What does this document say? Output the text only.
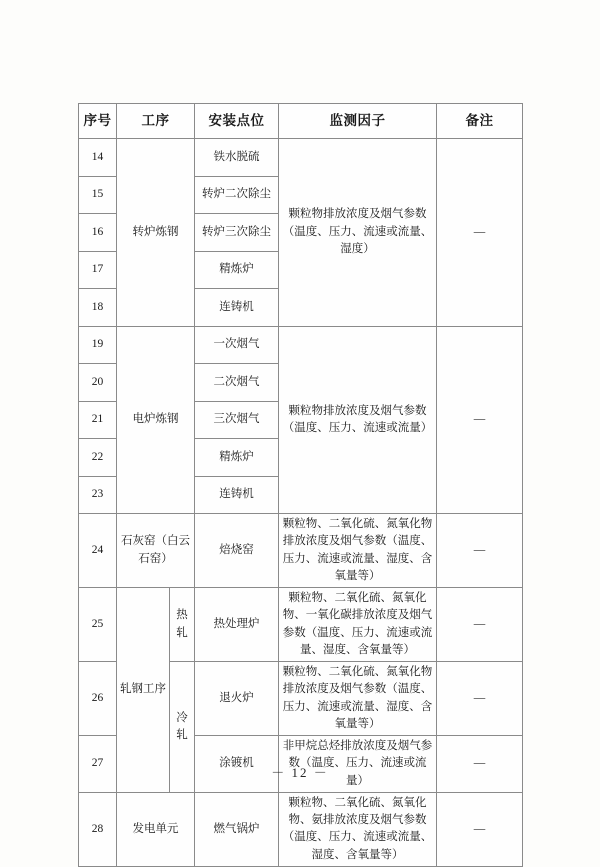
序号	工序		安装点位	监测因子	备注
14	转炉炼钢		铁水脱硫	颗粒物排放浓度及烟气参数（温度、压力、流速或流量、湿度）	—
15			转炉二次除尘		
16			转炉三次除尘		
17			精炼炉		
18			连铸机		
19	电炉炼钢		一次烟气	颗粒物排放浓度及烟气参数（温度、压力、流速或流量）	—
20			二次烟气		
21			三次烟气		
22			精炼炉		
23			连铸机		
24	石灰窑（白云石窑）		焙烧窑	颗粒物、二氧化硫、氮氧化物排放浓度及烟气参数（温度、压力、流速或流量、湿度、含氧量等）	—
25	轧钢工序	热轧	热处理炉	颗粒物、二氧化硫、氮氧化物、一氧化碳排放浓度及烟气参数（温度、压力、流速或流量、湿度、含氧量等）	—
26		冷轧	退火炉	颗粒物、二氧化硫、氮氧化物排放浓度及烟气参数（温度、压力、流速或流量、湿度、含氧量等）	—
27			涂镀机	非甲烷总烃排放浓度及烟气参数（温度、压力、流速或流量）	—
28	发电单元		燃气锅炉	颗粒物、二氧化硫、氮氧化物、氨排放浓度及烟气参数（温度、压力、流速或流量、湿度、含氧量等）	—
－ 12 －
